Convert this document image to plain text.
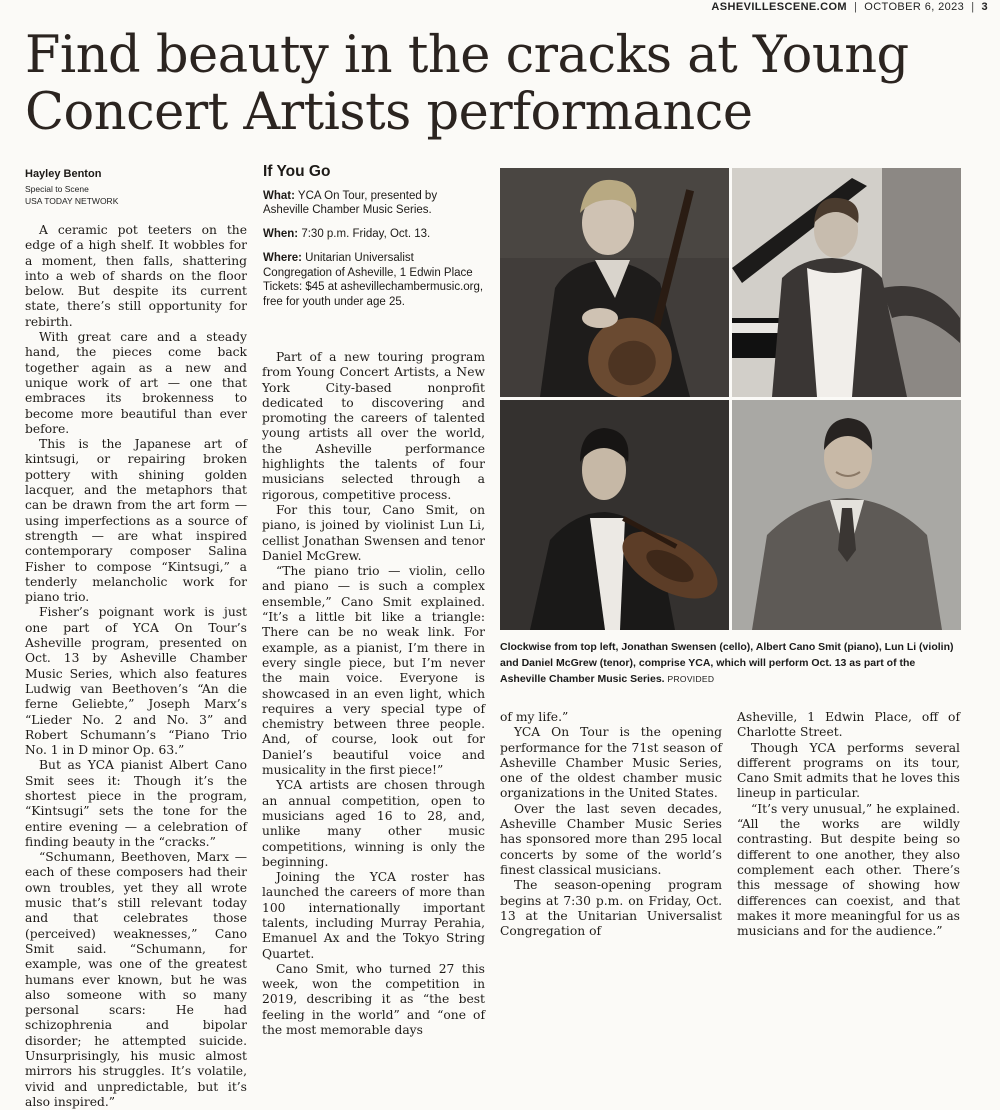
ASHEVILLESCENE.COM | OCTOBER 6, 2023 | 3
Find beauty in the cracks at Young Concert Artists performance
Hayley Benton
Special to Scene
USA TODAY NETWORK

A ceramic pot teeters on the edge of a high shelf. It wobbles for a moment, then falls, shattering into a web of shards on the floor below. But despite its current state, there’s still opportunity for rebirth.

With great care and a steady hand, the pieces come back together again as a new and unique work of art — one that embraces its brokenness to become more beautiful than ever before.

This is the Japanese art of kintsugi, or repairing broken pottery with shining golden lacquer, and the metaphors that can be drawn from the art form — using imperfections as a source of strength — are what inspired contemporary composer Salina Fisher to compose “Kintsugi,” a tenderly melancholic work for piano trio.

Fisher’s poignant work is just one part of YCA On Tour’s Asheville program, presented on Oct. 13 by Asheville Chamber Music Series, which also features Ludwig van Beethoven’s “An die ferne Geliebte,” Joseph Marx’s “Lieder No. 2 and No. 3” and Robert Schumann’s “Piano Trio No. 1 in D minor Op. 63.”

But as YCA pianist Albert Cano Smit sees it: Though it’s the shortest piece in the program, “Kintsugi” sets the tone for the entire evening — a celebration of finding beauty in the “cracks.”

“Schumann, Beethoven, Marx — each of these composers had their own troubles, yet they all wrote music that’s still relevant today and that celebrates those (perceived) weaknesses,” Cano Smit said. “Schumann, for example, was one of the greatest humans ever known, but he was also someone with so many personal scars: He had schizophrenia and bipolar disorder; he attempted suicide. Unsurprisingly, his music almost mirrors his struggles. It’s volatile, vivid and unpredictable, but it’s also inspired.”

If You Go

What: YCA On Tour, presented by Asheville Chamber Music Series.

When: 7:30 p.m. Friday, Oct. 13.

Where: Unitarian Universalist Congregation of Asheville, 1 Edwin Place Tickets: $45 at ashevillechambermusic.org, free for youth under age 25.

Part of a new touring program from Young Concert Artists, a New York City-based nonprofit dedicated to discovering and promoting the careers of talented young artists all over the world, the Asheville performance highlights the talents of four musicians selected through a rigorous, competitive process.

For this tour, Cano Smit, on piano, is joined by violinist Lun Li, cellist Jonathan Swensen and tenor Daniel McGrew.

“The piano trio — violin, cello and piano — is such a complex ensemble,” Cano Smit explained. “It’s a little bit like a triangle: There can be no weak link. For example, as a pianist, I’m there in every single piece, but I’m never the main voice. Everyone is showcased in an even light, which requires a very special type of chemistry between three people. And, of course, look out for Daniel’s beautiful voice and musicality in the first piece!”

YCA artists are chosen through an annual competition, open to musicians aged 16 to 28, and, unlike many other music competitions, winning is only the beginning.

Joining the YCA roster has launched the careers of more than 100 internationally important talents, including Murray Perahia, Emanuel Ax and the Tokyo String Quartet.

Cano Smit, who turned 27 this week, won the competition in 2019, describing it as “the best feeling in the world” and “one of the most memorable days

Clockwise from top left, Jonathan Swensen (cello), Albert Cano Smit (piano), Lun Li (violin) and Daniel McGrew (tenor), comprise YCA, which will perform Oct. 13 as part of the Asheville Chamber Music Series. PROVIDED

of my life.”

YCA On Tour is the opening performance for the 71st season of Asheville Chamber Music Series, one of the oldest chamber music organizations in the United States.

Over the last seven decades, Asheville Chamber Music Series has sponsored more than 295 local concerts by some of the world’s finest classical musicians.

The season-opening program begins at 7:30 p.m. on Friday, Oct. 13 at the Unitarian Universalist Congregation of

Asheville, 1 Edwin Place, off of Charlotte Street.

Though YCA performs several different programs on its tour, Cano Smit admits that he loves this lineup in particular.

“It’s very unusual,” he explained. “All the works are wildly contrasting. But despite being so different to one another, they also complement each other. There’s this message of showing how differences can coexist, and that makes it more meaningful for us as musicians and for the audience.”
